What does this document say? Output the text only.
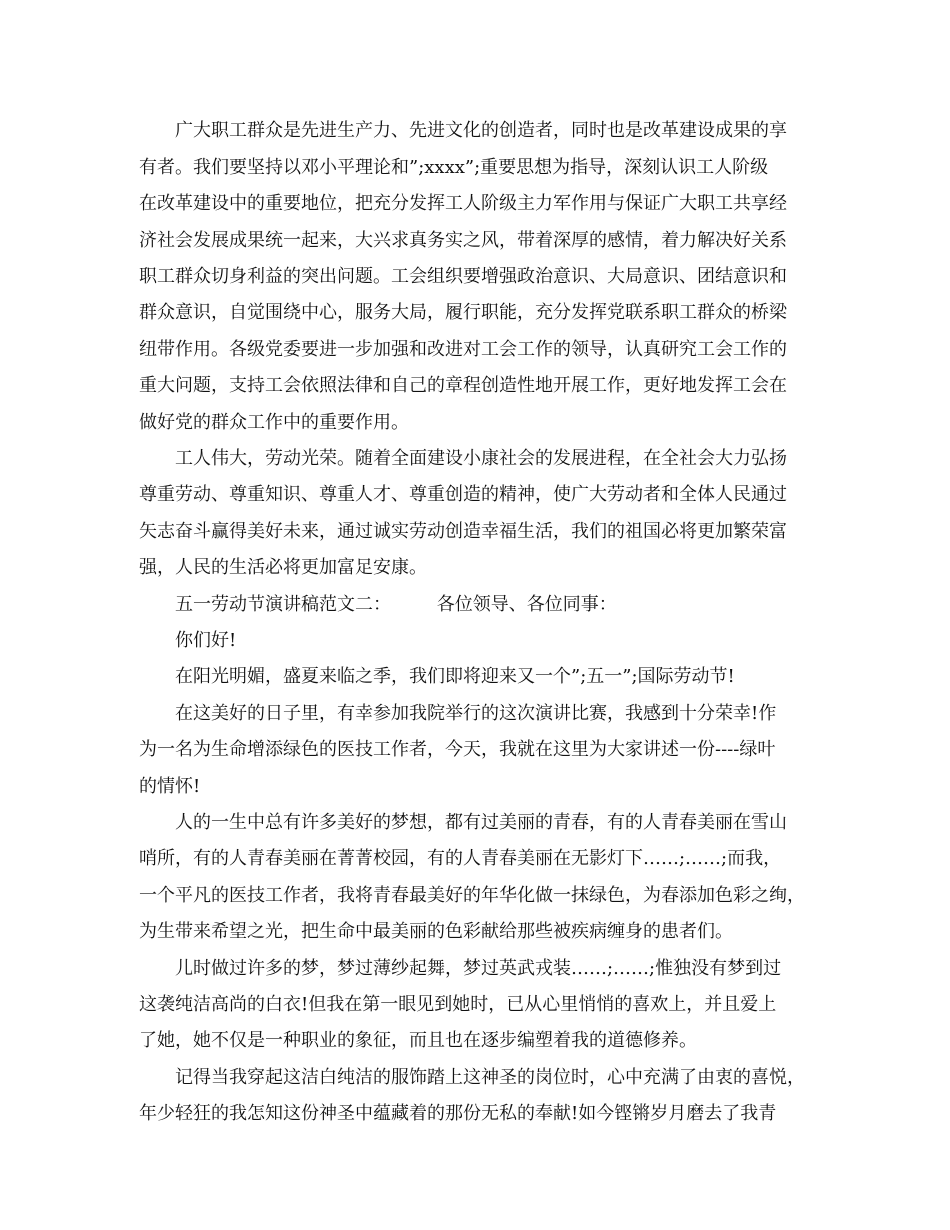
广大职工群众是先进生产力、先进文化的创造者，同时也是改革建设成果的享
有者。我们要坚持以邓小平理论和”;xxxx”;重要思想为指导，深刻认识工人阶级
在改革建设中的重要地位，把充分发挥工人阶级主力军作用与保证广大职工共享经
济社会发展成果统一起来，大兴求真务实之风，带着深厚的感情，着力解决好关系
职工群众切身利益的突出问题。工会组织要增强政治意识、大局意识、团结意识和
群众意识，自觉围绕中心，服务大局，履行职能，充分发挥党联系职工群众的桥梁
纽带作用。各级党委要进一步加强和改进对工会工作的领导，认真研究工会工作的
重大问题，支持工会依照法律和自己的章程创造性地开展工作，更好地发挥工会在
做好党的群众工作中的重要作用。
工人伟大，劳动光荣。随着全面建设小康社会的发展进程，在全社会大力弘扬
尊重劳动、尊重知识、尊重人才、尊重创造的精神，使广大劳动者和全体人民通过
矢志奋斗赢得美好未来，通过诚实劳动创造幸福生活，我们的祖国必将更加繁荣富
强，人民的生活必将更加富足安康。
五一劳动节演讲稿范文二：        各位领导、各位同事：
你们好!
在阳光明媚，盛夏来临之季，我们即将迎来又一个”;五一”;国际劳动节!
在这美好的日子里，有幸参加我院举行的这次演讲比赛，我感到十分荣幸!作
为一名为生命增添绿色的医技工作者，今天，我就在这里为大家讲述一份----绿叶
的情怀!
人的一生中总有许多美好的梦想，都有过美丽的青春，有的人青春美丽在雪山
哨所，有的人青春美丽在菁菁校园，有的人青春美丽在无影灯下……;……;而我，
一个平凡的医技工作者，我将青春最美好的年华化做一抹绿色，为春添加色彩之绚，
为生带来希望之光，把生命中最美丽的色彩献给那些被疾病缠身的患者们。
儿时做过许多的梦，梦过薄纱起舞，梦过英武戎装……;……;惟独没有梦到过
这袭纯洁高尚的白衣!但我在第一眼见到她时，已从心里悄悄的喜欢上，并且爱上
了她，她不仅是一种职业的象征，而且也在逐步编塑着我的道德修养。
记得当我穿起这洁白纯洁的服饰踏上这神圣的岗位时，心中充满了由衷的喜悦，
年少轻狂的我怎知这份神圣中蕴藏着的那份无私的奉献!如今铿锵岁月磨去了我青
